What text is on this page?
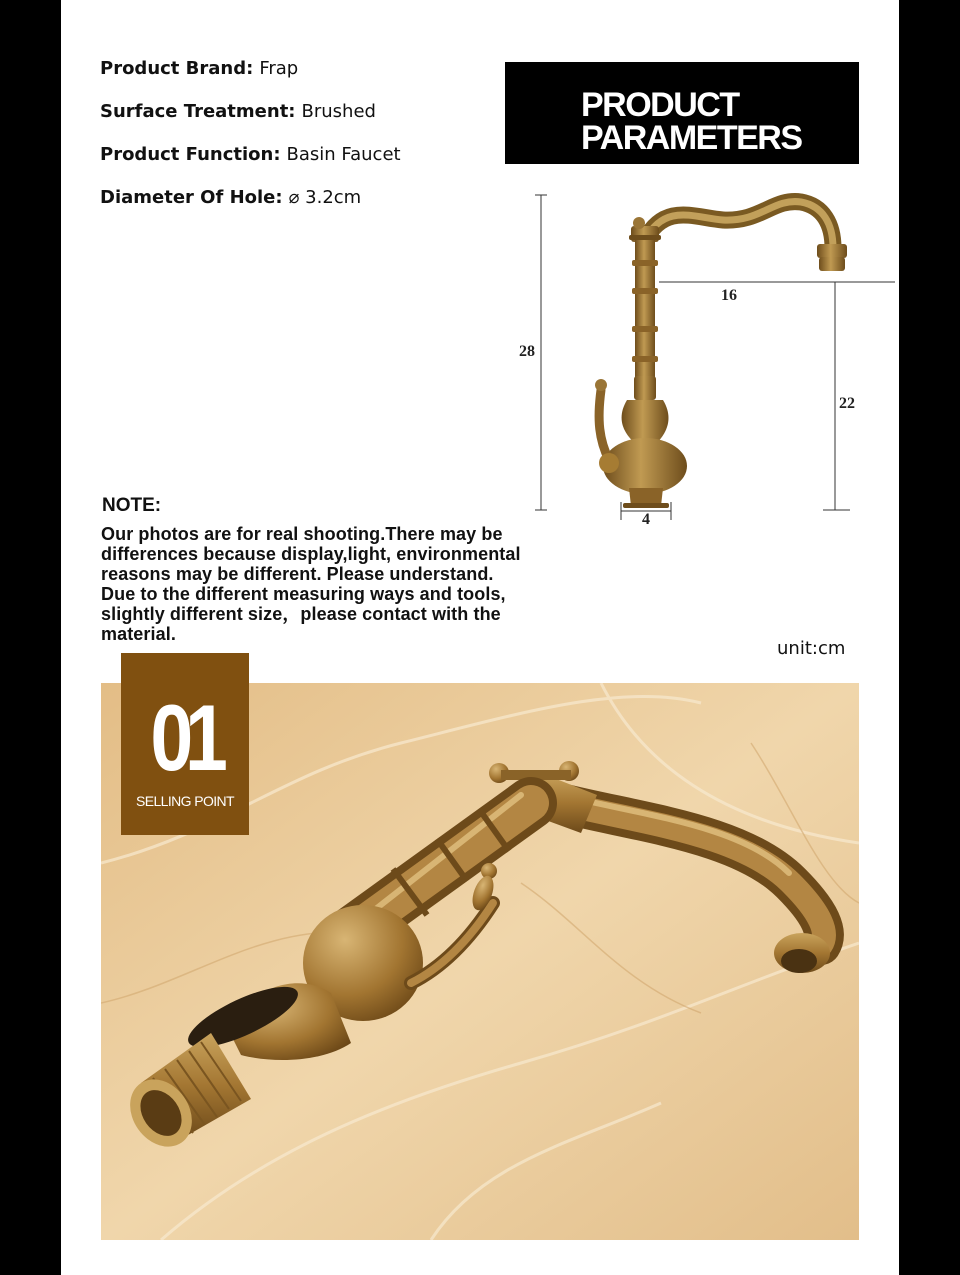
Product Brand: Frap
Surface Treatment: Brushed
Product Function: Basin Faucet
Diameter Of Hole: ⌀ 3.2cm
PRODUCT
PARAMETERS
28
16
22
4
NOTE:
Our photos are for real shooting.There may be
differences because display,light, environmental
reasons may be different. Please understand.
Due to the different measuring ways and tools,
slightly different size，please contact with the
material.
unit:cm
01
SELLING POINT
